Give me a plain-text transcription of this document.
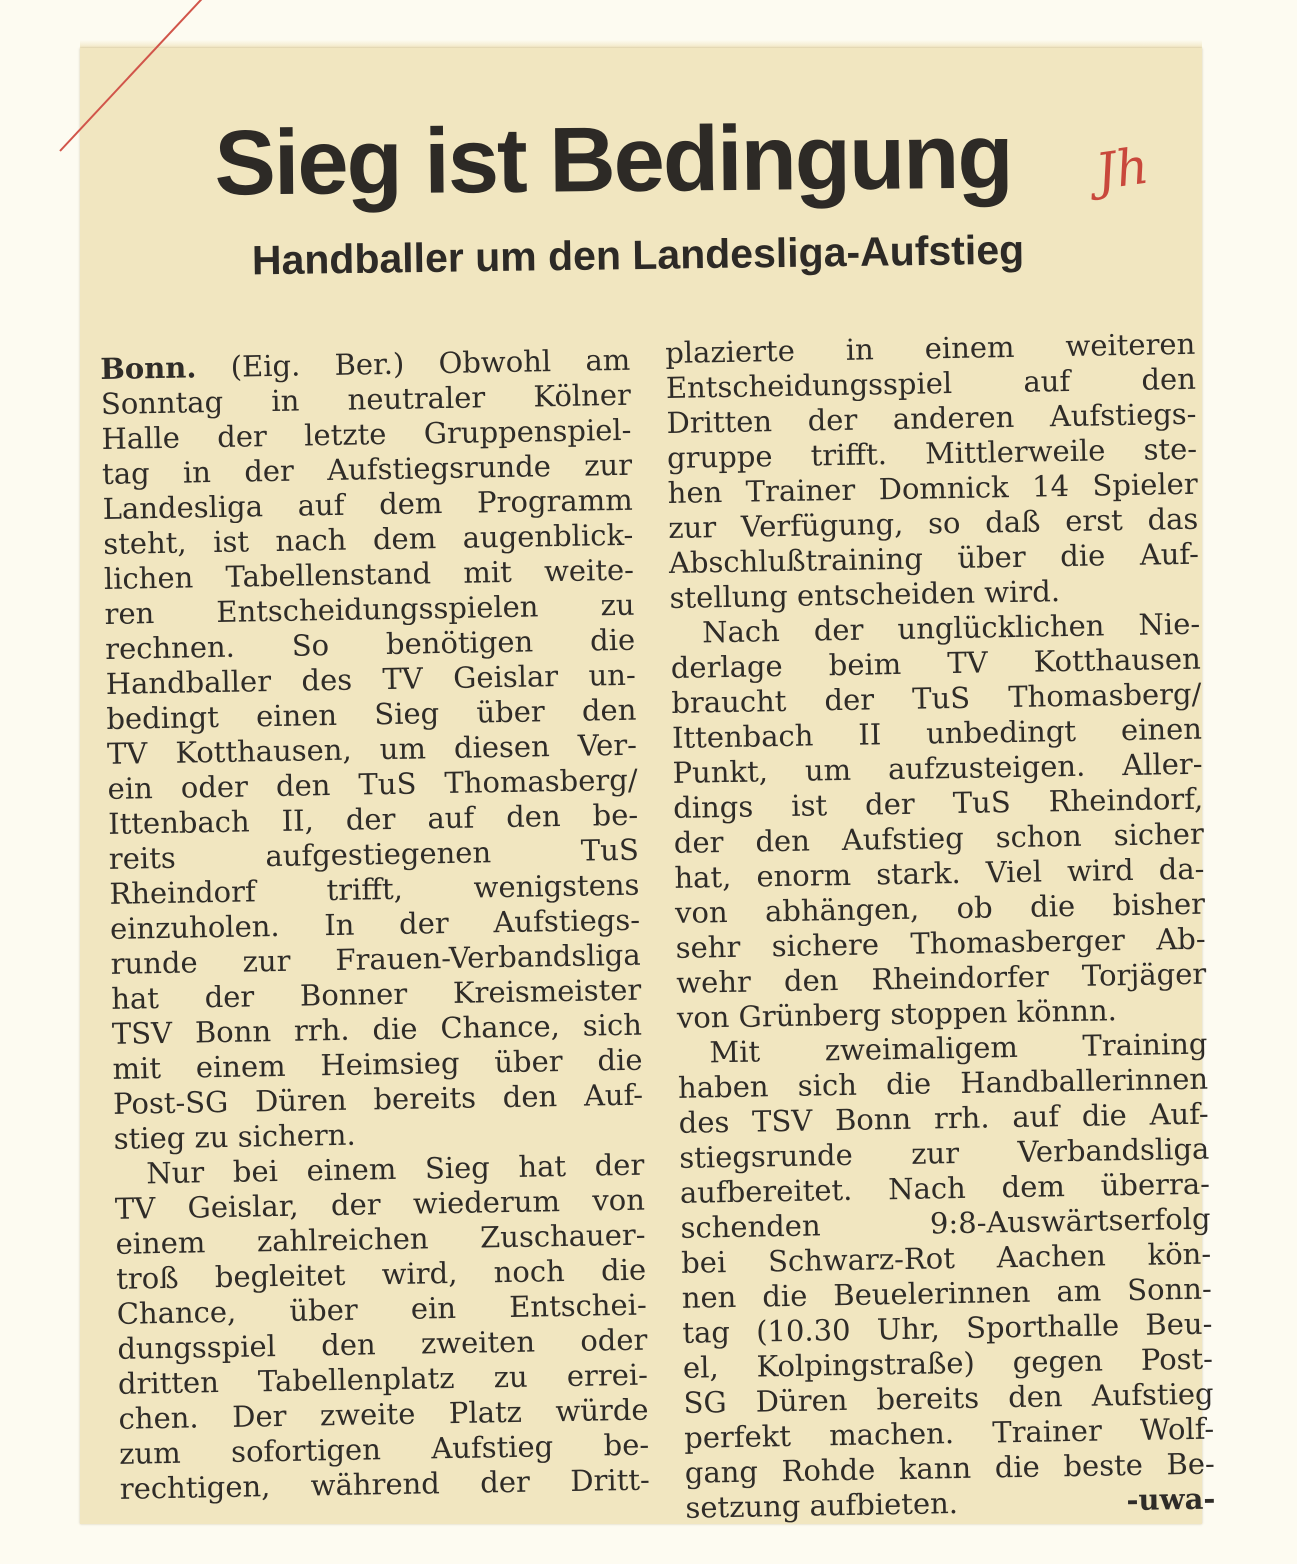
Sieg ist Bedingung	Jh
Handballer um den Landesliga-Aufstieg
Bonn. (Eig. Ber.) Obwohl am
Sonntag in neutraler Kölner
Halle der letzte Gruppenspiel-
tag in der Aufstiegsrunde zur
Landesliga auf dem Programm
steht, ist nach dem augenblick-
lichen Tabellenstand mit weite-
ren Entscheidungsspielen zu
rechnen. So benötigen die
Handballer des TV Geislar un-
bedingt einen Sieg über den
TV Kotthausen, um diesen Ver-
ein oder den TuS Thomasberg/
Ittenbach II, der auf den be-
reits aufgestiegenen TuS
Rheindorf trifft, wenigstens
einzuholen. In der Aufstiegs-
runde zur Frauen-Verbandsliga
hat der Bonner Kreismeister
TSV Bonn rrh. die Chance, sich
mit einem Heimsieg über die
Post-SG Düren bereits den Auf-
stieg zu sichern.
Nur bei einem Sieg hat der
TV Geislar, der wiederum von
einem zahlreichen Zuschauer-
troß begleitet wird, noch die
Chance, über ein Entschei-
dungsspiel den zweiten oder
dritten Tabellenplatz zu errei-
chen. Der zweite Platz würde
zum sofortigen Aufstieg be-
rechtigen, während der Dritt-
plazierte in einem weiteren
Entscheidungsspiel auf den
Dritten der anderen Aufstiegs-
gruppe trifft. Mittlerweile ste-
hen Trainer Domnick 14 Spieler
zur Verfügung, so daß erst das
Abschlußtraining über die Auf-
stellung entscheiden wird.
Nach der unglücklichen Nie-
derlage beim TV Kotthausen
braucht der TuS Thomasberg/
Ittenbach II unbedingt einen
Punkt, um aufzusteigen. Aller-
dings ist der TuS Rheindorf,
der den Aufstieg schon sicher
hat, enorm stark. Viel wird da-
von abhängen, ob die bisher
sehr sichere Thomasberger Ab-
wehr den Rheindorfer Torjäger
von Grünberg stoppen könnn.
Mit zweimaligem Training
haben sich die Handballerinnen
des TSV Bonn rrh. auf die Auf-
stiegsrunde zur Verbandsliga
aufbereitet. Nach dem überra-
schenden 9:8-Auswärtserfolg
bei Schwarz-Rot Aachen kön-
nen die Beuelerinnen am Sonn-
tag (10.30 Uhr, Sporthalle Beu-
el, Kolpingstraße) gegen Post-
SG Düren bereits den Aufstieg
perfekt machen. Trainer Wolf-
gang Rohde kann die beste Be-
setzung aufbieten.	-uwa-
